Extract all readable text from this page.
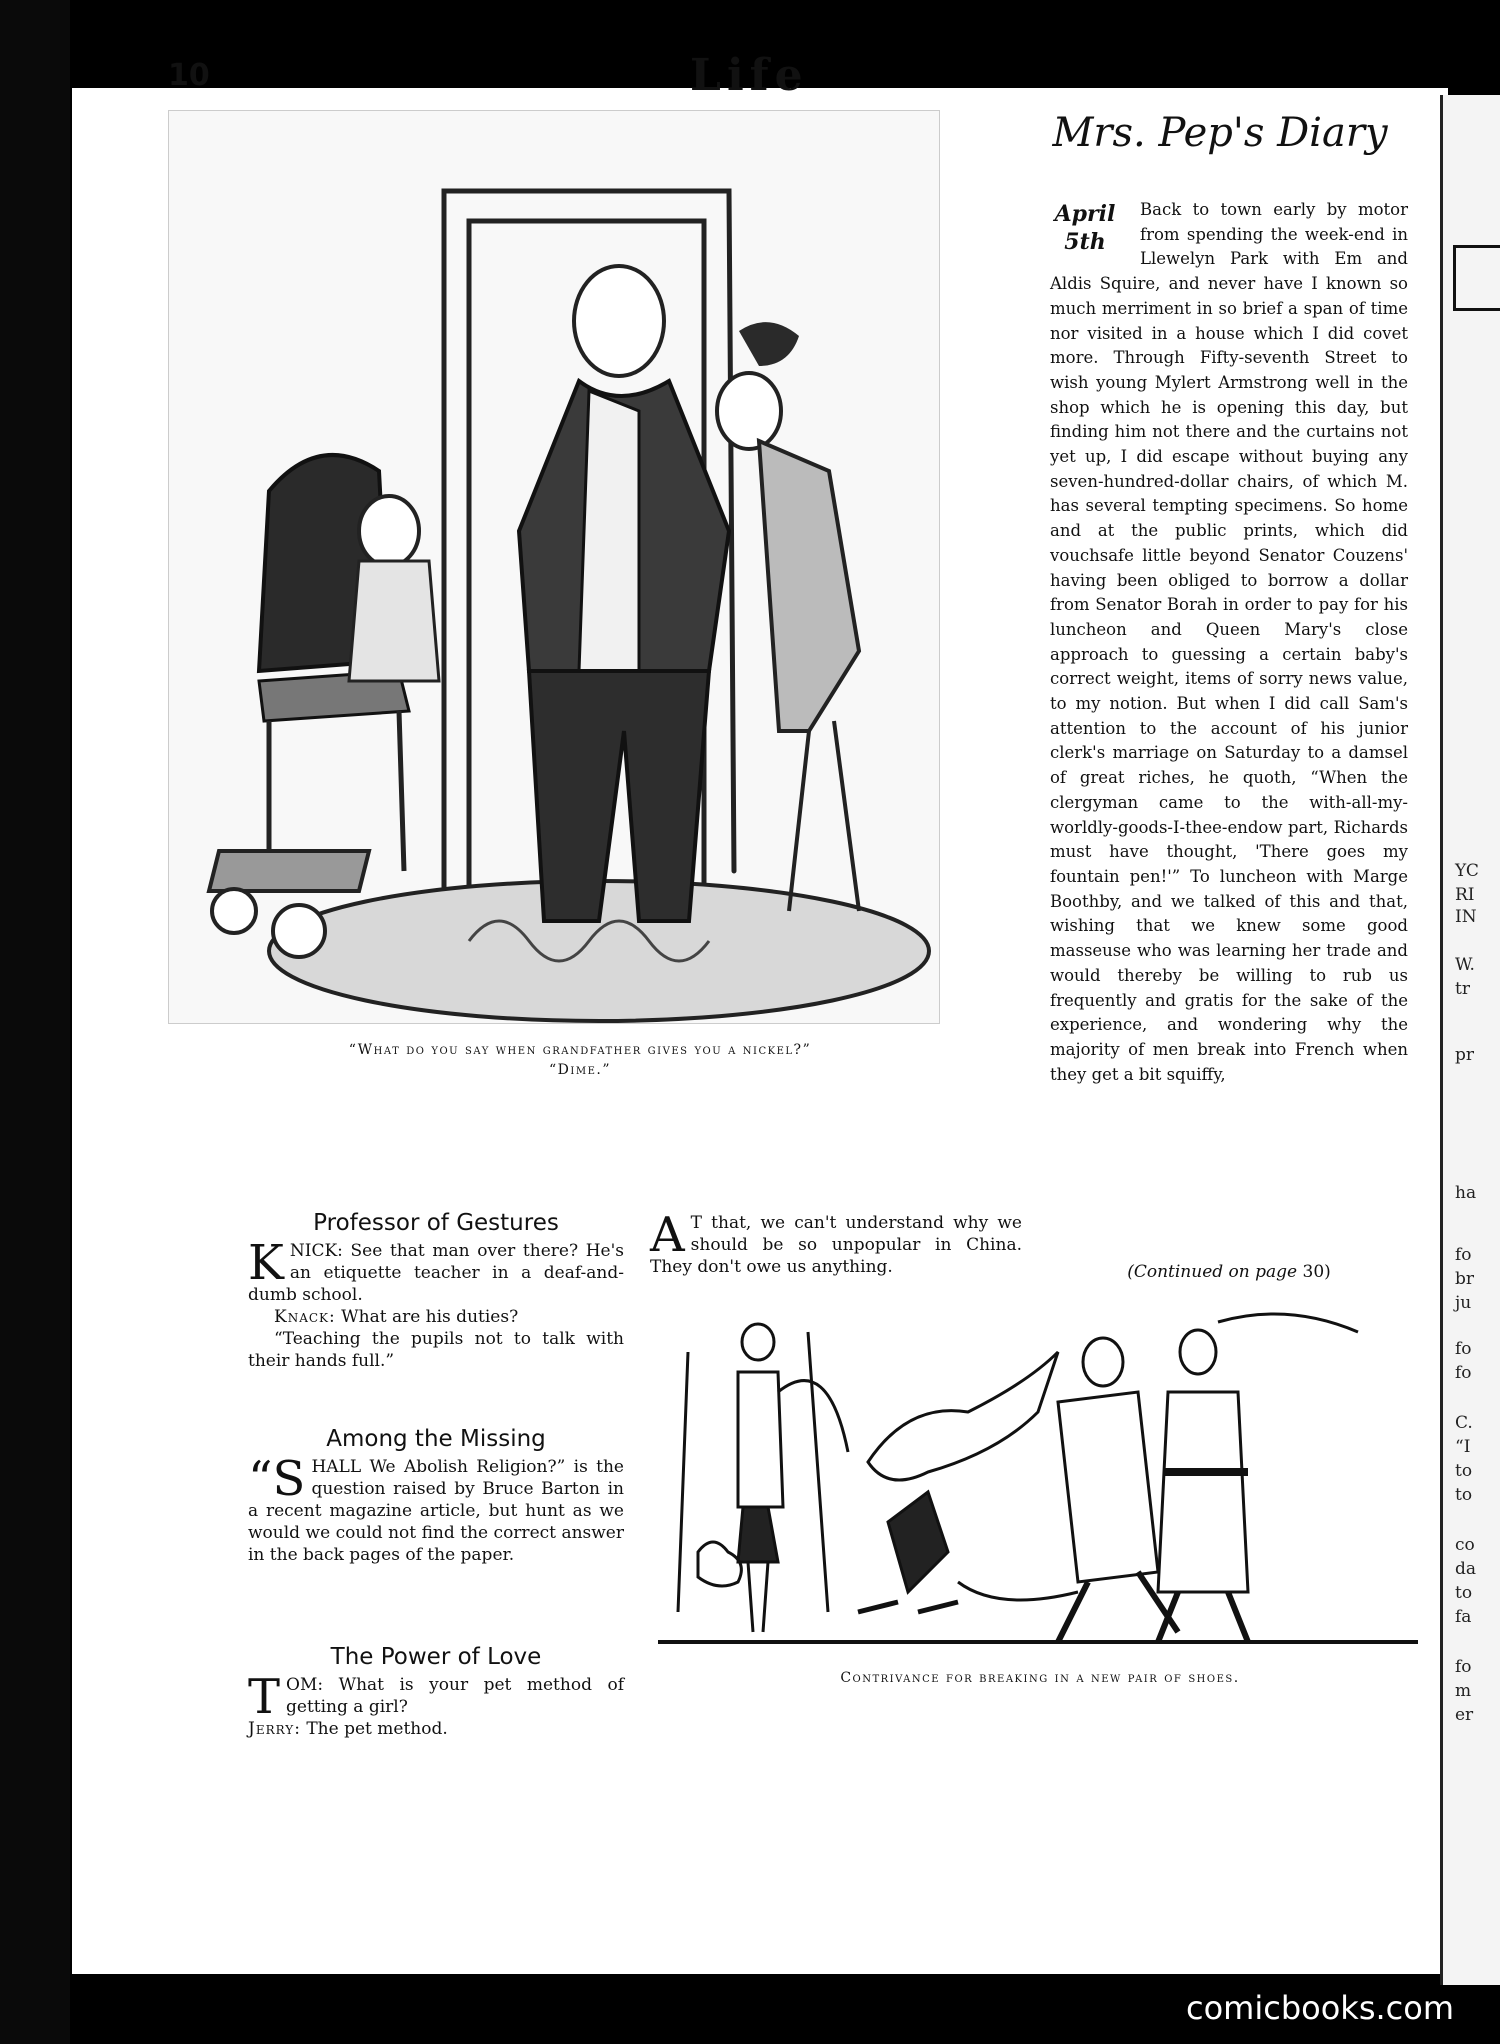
YC
RI
IN
W.
tr
pr
ha
fo
br
ju
fo
fo
C.
“I
to
to
co
da
to
fa
fo
m
er
10	Life
“What do you say when grandfather gives you a nickel?”
“Dime.”
Mrs. Pep's Diary
April
5th
Back to town early by motor from spending the week-end in Llewelyn Park with Em and Aldis Squire, and never have I known so much merriment in so brief a span of time nor visited in a house which I did covet more. Through Fifty-seventh Street to wish young Mylert Armstrong well in the shop which he is opening this day, but finding him not there and the curtains not yet up, I did escape without buying any seven-hundred-dollar chairs, of which M. has several tempting specimens. So home and at the public prints, which did vouchsafe little beyond Senator Couzens' having been obliged to borrow a dollar from Senator Borah in order to pay for his luncheon and Queen Mary's close approach to guessing a certain baby's correct weight, items of sorry news value, to my notion. But when I did call Sam's attention to the account of his junior clerk's marriage on Saturday to a damsel of great riches, he quoth, “When the clergyman came to the with-all-my-worldly-goods-I-thee-endow part, Richards must have thought, 'There goes my fountain pen!'” To luncheon with Marge Boothby, and we talked of this and that, wishing that we knew some good masseuse who was learning her trade and would thereby be willing to rub us frequently and gratis for the sake of the experience, and wondering why the majority of men break into French when they get a bit squiffy,
(Continued on page 30)
Professor of Gestures

KNICK: See that man over there? He's an etiquette teacher in a deaf-and-dumb school.

Knack: What are his duties?

“Teaching the pupils not to talk with their hands full.”

Among the Missing

“S HALL We Abolish Religion?” is the question raised by Bruce Barton in a recent magazine article, but hunt as we would we could not find the correct answer in the back pages of the paper.

The Power of Love

TOM: What is your pet method of getting a girl?

Jerry: The pet method.

A T that, we can't understand why we should be so unpopular in China. They don't owe us anything.

Contrivance for breaking in a new pair of shoes.
comicbooks.com
